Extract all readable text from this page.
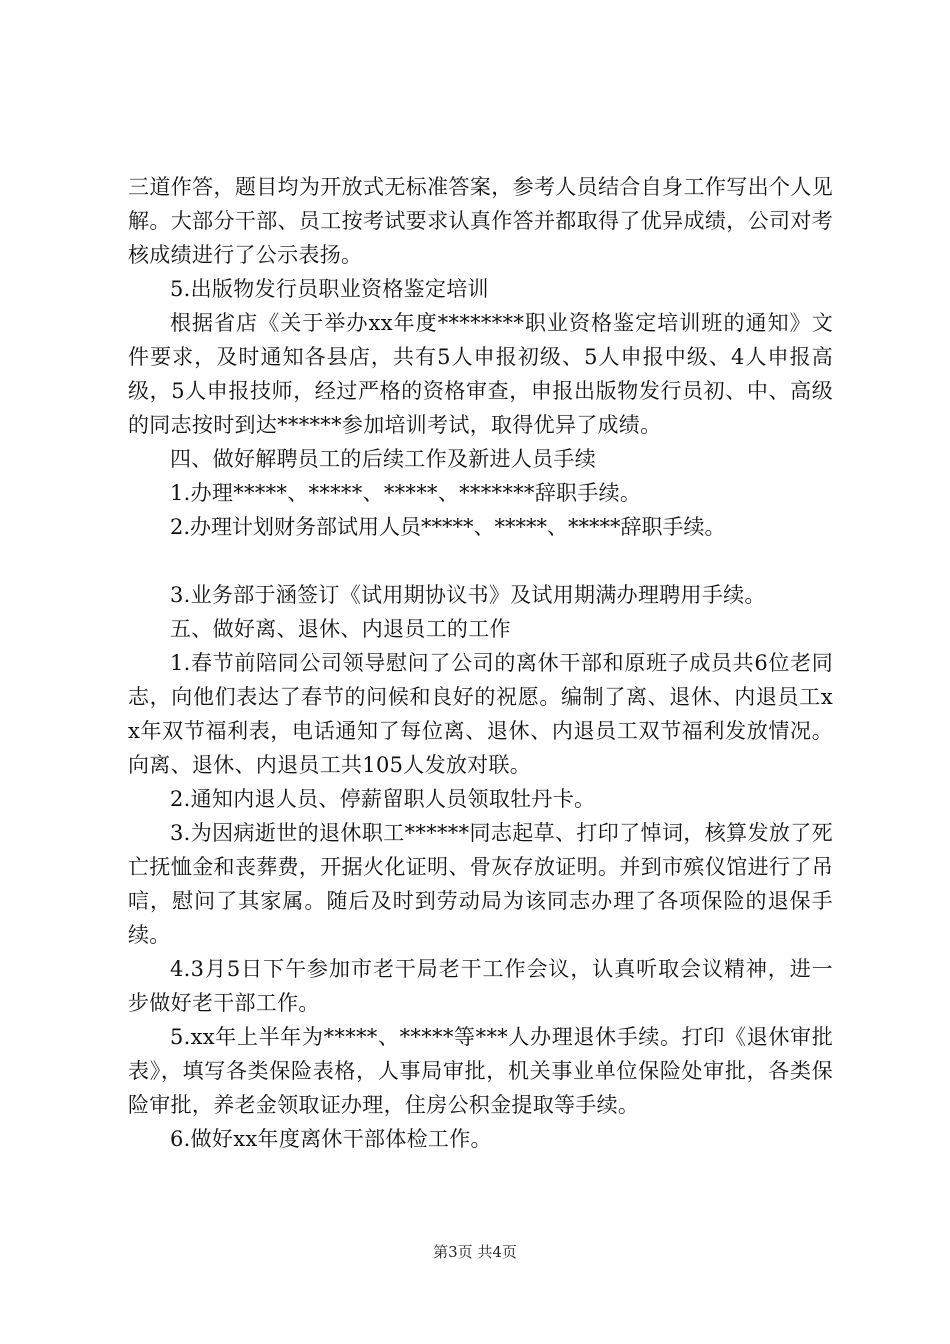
三道作答，题目均为开放式无标准答案，参考人员结合自身工作写出个人见解。大部分干部、员工按考试要求认真作答并都取得了优异成绩，公司对考核成绩进行了公示表扬。

5.出版物发行员职业资格鉴定培训

根据省店《关于举办xx年度********职业资格鉴定培训班的通知》文件要求，及时通知各县店，共有5人申报初级、5人申报中级、4人申报高级，5人申报技师，经过严格的资格审查，申报出版物发行员初、中、高级的同志按时到达******参加培训考试，取得优异了成绩。

四、做好解聘员工的后续工作及新进人员手续

1.办理*****、*****、*****、*******辞职手续。

2.办理计划财务部试用人员*****、*****、*****辞职手续。

3.业务部于涵签订《试用期协议书》及试用期满办理聘用手续。

五、做好离、退休、内退员工的工作

1.春节前陪同公司领导慰问了公司的离休干部和原班子成员共6位老同志，向他们表达了春节的问候和良好的祝愿。编制了离、退休、内退员工xx年双节福利表，电话通知了每位离、退休、内退员工双节福利发放情况。向离、退休、内退员工共105人发放对联。

2.通知内退人员、停薪留职人员领取牡丹卡。

3.为因病逝世的退休职工******同志起草、打印了悼词，核算发放了死亡抚恤金和丧葬费，开据火化证明、骨灰存放证明。并到市殡仪馆进行了吊唁，慰问了其家属。随后及时到劳动局为该同志办理了各项保险的退保手续。

4.3月5日下午参加市老干局老干工作会议，认真听取会议精神，进一步做好老干部工作。

5.xx年上半年为*****、*****等***人办理退休手续。打印《退休审批表》，填写各类保险表格，人事局审批，机关事业单位保险处审批，各类保险审批，养老金领取证办理，住房公积金提取等手续。

6.做好xx年度离休干部体检工作。

第3页 共4页
